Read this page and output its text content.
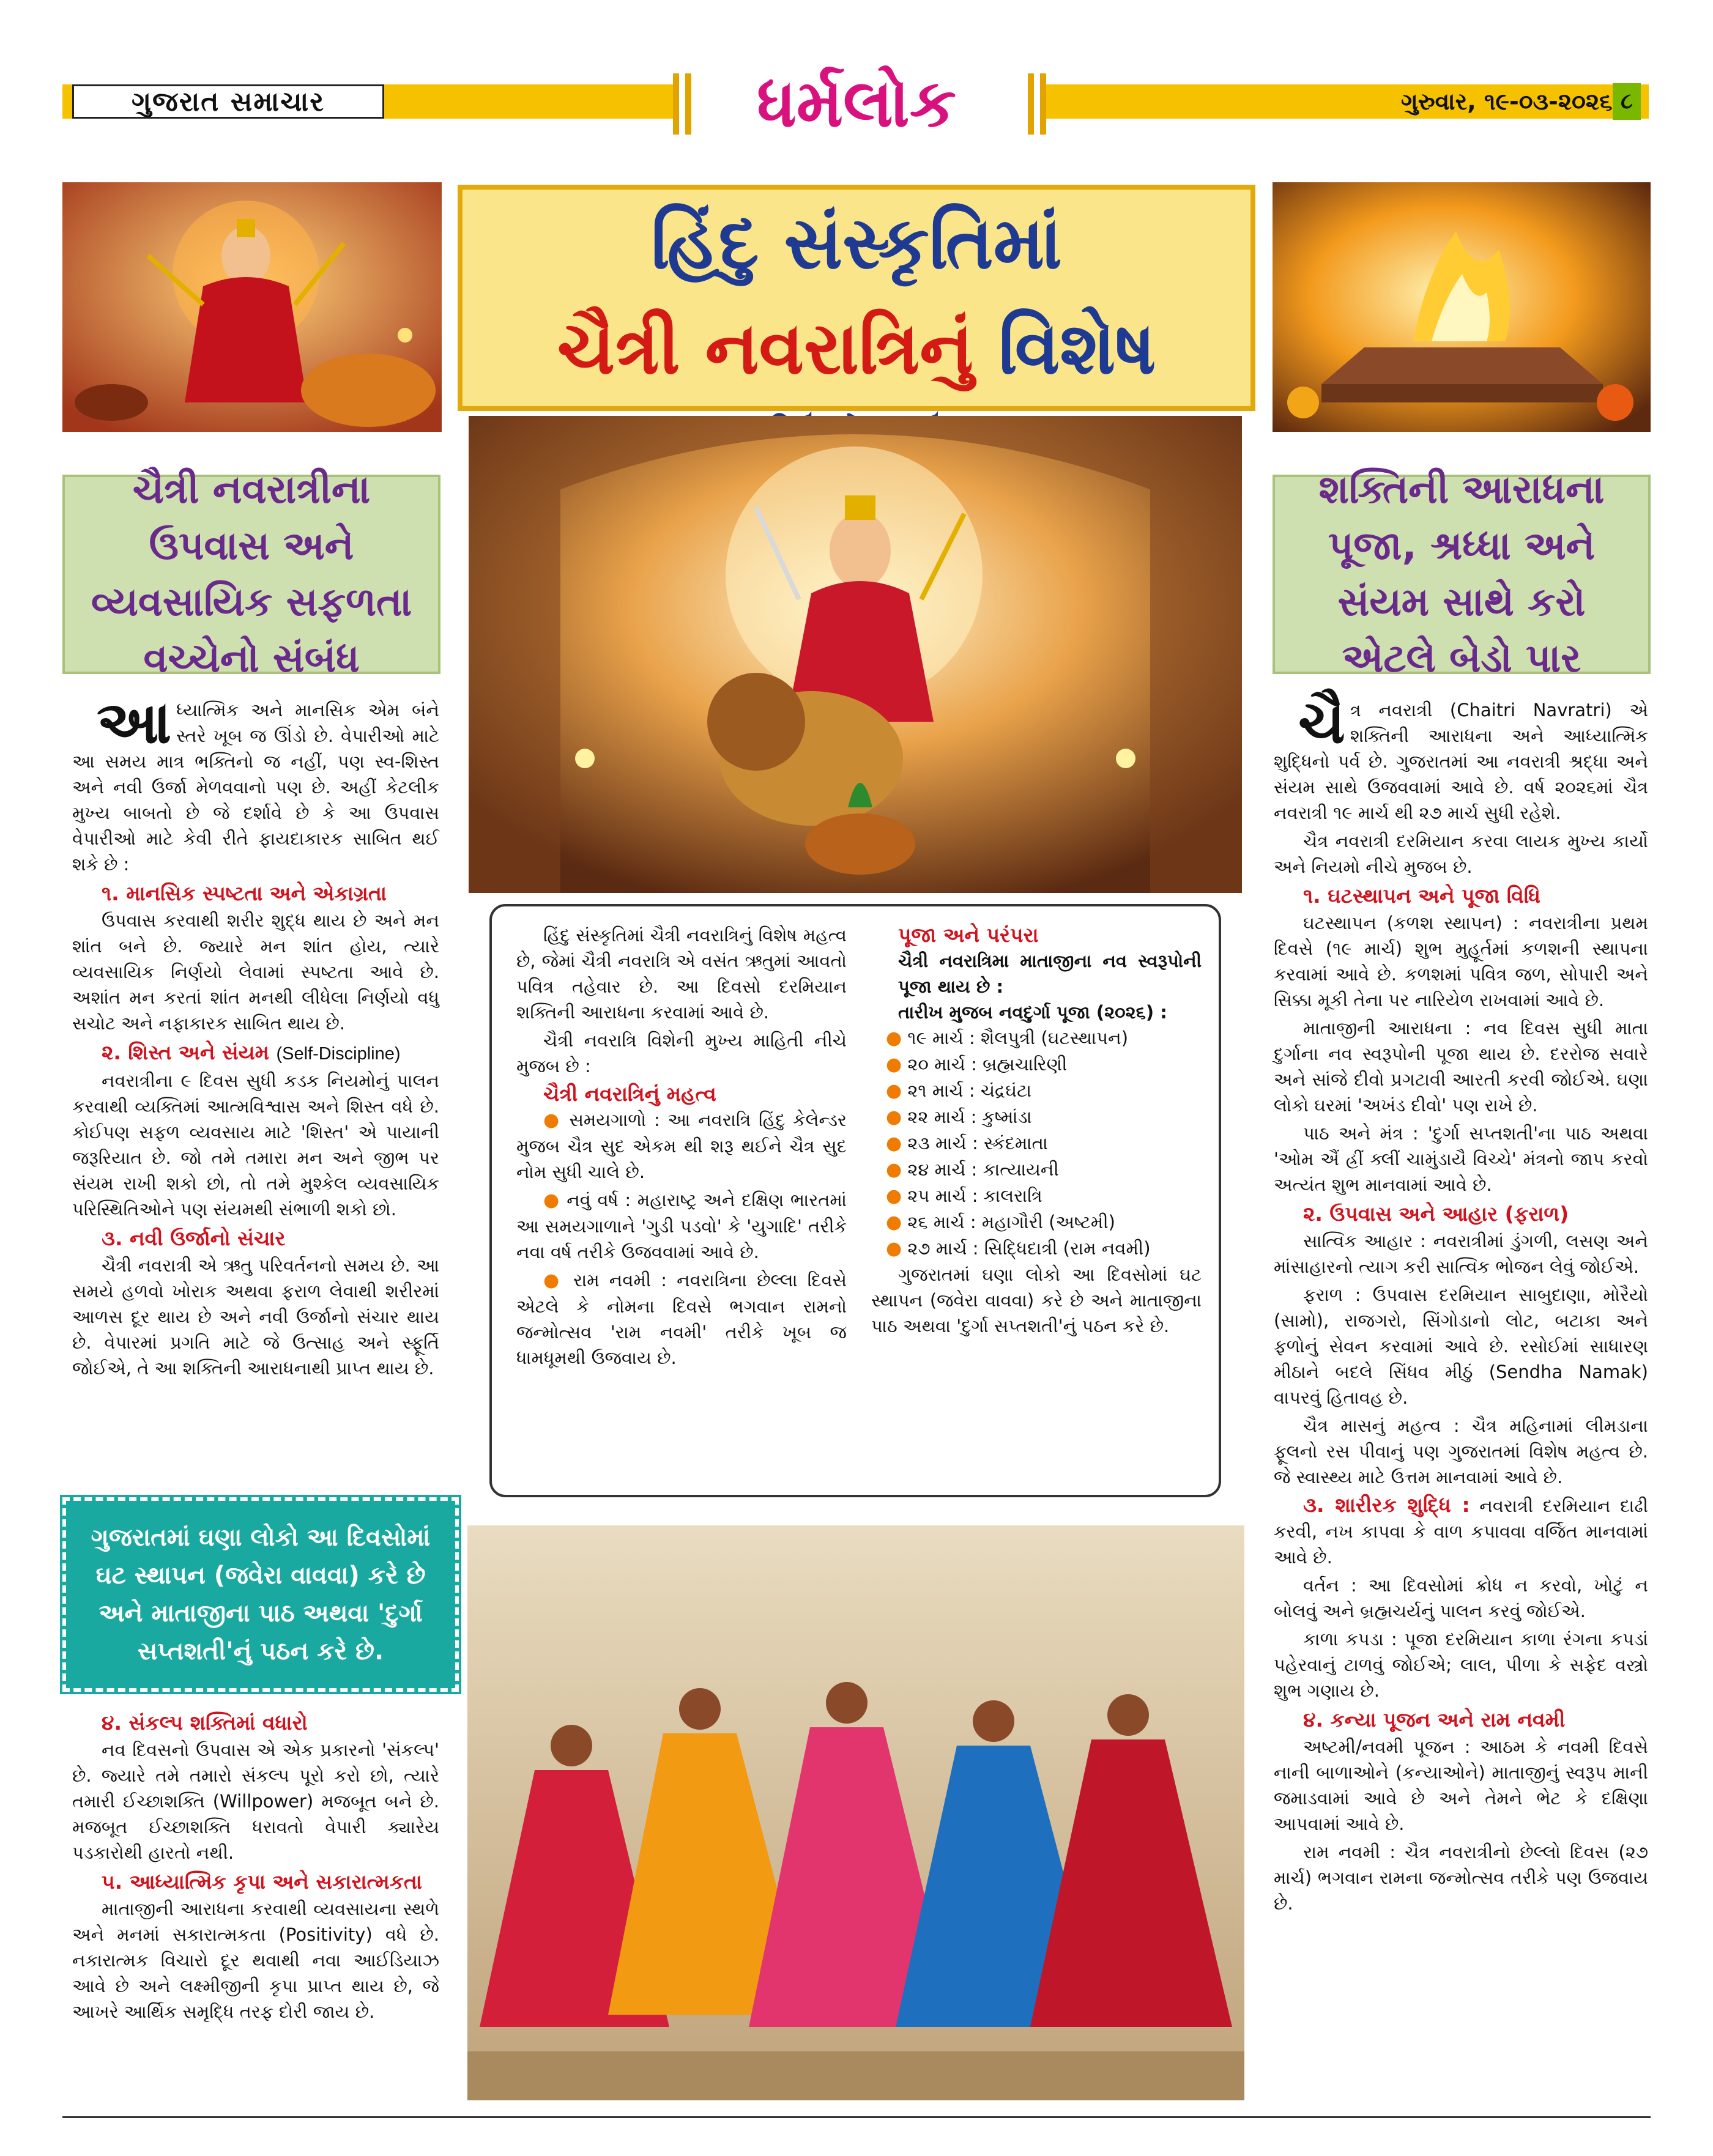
ગુજરાત સમાચાર	ધર્મલોક	ગુરુવાર, ૧૯-૦૩-૨૦૨૬ ૮
હિંદુ સંસ્કૃતિમાં
ચૈત્રી નવરાત્રિનું વિશેષ
ચૈત્રી નવરાત્રીના ઉપવાસ અને વ્યવસાયિક સફળતા વચ્ચેનો સંબંધ
શક્તિની આરાધના પૂજા, શ્રધ્ધા અને સંયમ સાથે કરો એટલે બેડો પાર

આધ્યાત્મિક અને માનસિક એમ બંને સ્તરે ખૂબ જ ઊંડો છે. વેપારીઓ માટે આ સમય માત્ર ભક્તિનો જ નહીં, પણ સ્વ-શિસ્ત અને નવી ઉર્જા મેળવવાનો પણ છે. અહીં કેટલીક મુખ્ય બાબતો છે જે દર્શાવે છે કે આ ઉપવાસ વેપારીઓ માટે કેવી રીતે ફાયદાકારક સાબિત થઈ શકે છે :

૧. માનસિક સ્પષ્ટતા અને એકાગ્રતા

ઉપવાસ કરવાથી શરીર શુદ્ધ થાય છે અને મન શાંત બને છે. જ્યારે મન શાંત હોય, ત્યારે વ્યવસાયિક નિર્ણયો લેવામાં સ્પષ્ટતા આવે છે. અશાંત મન કરતાં શાંત મનથી લીધેલા નિર્ણયો વધુ સચોટ અને નફાકારક સાબિત થાય છે.

૨. શિસ્ત અને સંયમ (Self-Discipline)

નવરાત્રીના ૯ દિવસ સુધી કડક નિયમોનું પાલન કરવાથી વ્યક્તિમાં આત્મવિશ્વાસ અને શિસ્ત વધે છે. કોઈપણ સફળ વ્યવસાય માટે 'શિસ્ત' એ પાયાની જરૂરિયાત છે. જો તમે તમારા મન અને જીભ પર સંયમ રાખી શકો છો, તો તમે મુશ્કેલ વ્યવસાયિક પરિસ્થિતિઓને પણ સંયમથી સંભાળી શકો છો.

૩. નવી ઉર્જાનો સંચાર

ચૈત્રી નવરાત્રી એ ઋતુ પરિવર્તનનો સમય છે. આ સમયે હળવો ખોરાક અથવા ફરાળ લેવાથી શરીરમાં આળસ દૂર થાય છે અને નવી ઉર્જાનો સંચાર થાય છે. વેપારમાં પ્રગતિ માટે જે ઉત્સાહ અને સ્ફૂર્તિ જોઈએ, તે આ શક્તિની આરાધનાથી પ્રાપ્ત થાય છે.

ગુજરાતમાં ઘણા લોકો આ દિવસોમાં ઘટ સ્થાપન (જવેરા વાવવા) કરે છે અને માતાજીના પાઠ અથવા 'દુર્ગા સપ્તશતી'નું પઠન કરે છે.
૪. સંકલ્પ શક્તિમાં વધારો

નવ દિવસનો ઉપવાસ એ એક પ્રકારનો 'સંકલ્પ' છે. જ્યારે તમે તમારો સંકલ્પ પૂરો કરો છો, ત્યારે તમારી ઈચ્છાશક્તિ (Willpower) મજબૂત બને છે. મજબૂત ઈચ્છાશક્તિ ધરાવતો વેપારી ક્યારેય પડકારોથી હારતો નથી.

૫. આધ્યાત્મિક કૃપા અને સકારાત્મકતા

માતાજીની આરાધના કરવાથી વ્યવસાયના સ્થળે અને મનમાં સકારાત્મકતા (Positivity) વધે છે. નકારાત્મક વિચારો દૂર થવાથી નવા આઈડિયાઝ આવે છે અને લક્ષ્મીજીની કૃપા પ્રાપ્ત થાય છે, જે આખરે આર્થિક સમૃદ્ધિ તરફ દોરી જાય છે.

હિંદુ સંસ્કૃતિમાં ચૈત્રી નવરાત્રિનું વિશેષ મહત્વ છે, જેમાં ચૈત્રી નવરાત્રિ એ વસંત ઋતુમાં આવતો પવિત્ર તહેવાર છે. આ દિવસો દરમિયાન શક્તિની આરાધના કરવામાં આવે છે.

ચૈત્રી નવરાત્રિ વિશેની મુખ્ય માહિતી નીચે મુજબ છે :

ચૈત્રી નવરાત્રિનું મહત્વ

● સમયગાળો : આ નવરાત્રિ હિંદુ કેલેન્ડર મુજબ ચૈત્ર સુદ એકમ થી શરૂ થઈને ચૈત્ર સુદ નોમ સુધી ચાલે છે.

● નવું વર્ષ : મહારાષ્ટ્ર અને દક્ષિણ ભારતમાં આ સમયગાળાને 'ગુડી પડવો' કે 'યુગાદિ' તરીકે નવા વર્ષ તરીકે ઉજવવામાં આવે છે.

● રામ નવમી : નવરાત્રિના છેલ્લા દિવસે એટલે કે નોમના દિવસે ભગવાન રામનો જન્મોત્સવ 'રામ નવમી' તરીકે ખૂબ જ ધામધૂમથી ઉજવાય છે.

પૂજા અને પરંપરા
ચૈત્રી નવરાત્રિમા માતાજીના નવ સ્વરૂપોની પૂજા થાય છે :
તારીખ મુજબ નવદુર્ગા પૂજા (૨૦૨૬) :
● ૧૯ માર્ચ : શૈલપુત્રી (ઘટસ્થાપન)
● ૨૦ માર્ચ : બ્રહ્મચારિણી
● ૨૧ માર્ચ : ચંદ્રઘંટા
● ૨૨ માર્ચ : કુષ્માંડા
● ૨૩ માર્ચ : સ્કંદમાતા
● ૨૪ માર્ચ : કાત્યાયની
● ૨૫ માર્ચ : કાલરાત્રિ
● ૨૬ માર્ચ : મહાગૌરી (અષ્ટમી)
● ૨૭ માર્ચ : સિદ્ધિદાત્રી (રામ નવમી)

ગુજરાતમાં ઘણા લોકો આ દિવસોમાં ઘટ સ્થાપન (જવેરા વાવવા) કરે છે અને માતાજીના પાઠ અથવા 'દુર્ગા સપ્તશતી'નું પઠન કરે છે.

ચૈત્ર નવરાત્રી (Chaitri Navratri) એ શક્તિની આરાધના અને આધ્યાત્મિક શુદ્ધિનો પર્વ છે. ગુજરાતમાં આ નવરાત્રી શ્રદ્ધા અને સંયમ સાથે ઉજવવામાં આવે છે. વર્ષ ૨૦૨૬માં ચૈત્ર નવરાત્રી ૧૯ માર્ચ થી ૨૭ માર્ચ સુધી રહેશે.

ચૈત્ર નવરાત્રી દરમિયાન કરવા લાયક મુખ્ય કાર્યો અને નિયમો નીચે મુજબ છે.

૧. ઘટસ્થાપન અને પૂજા વિધિ

ઘટસ્થાપન (કળશ સ્થાપન) : નવરાત્રીના પ્રથમ દિવસે (૧૯ માર્ચ) શુભ મુહૂર્તમાં કળશની સ્થાપના કરવામાં આવે છે. કળશમાં પવિત્ર જળ, સોપારી અને સિક્કા મૂકી તેના પર નારિયેળ રાખવામાં આવે છે.

માતાજીની આરાધના : નવ દિવસ સુધી માતા દુર્ગાના નવ સ્વરૂપોની પૂજા થાય છે. દરરોજ સવારે અને સાંજે દીવો પ્રગટાવી આરતી કરવી જોઈએ. ઘણા લોકો ઘરમાં 'અખંડ દીવો' પણ રાખે છે.

પાઠ અને મંત્ર : 'દુર્ગા સપ્તશતી'ના પાઠ અથવા 'ઓમ ઐં હ્રીં ક્લીં ચામુંડાયૈ વિચ્ચે' મંત્રનો જાપ કરવો અત્યંત શુભ માનવામાં આવે છે.

૨. ઉપવાસ અને આહાર (ફરાળ)

સાત્વિક આહાર : નવરાત્રીમાં ડુંગળી, લસણ અને માંસાહારનો ત્યાગ કરી સાત્વિક ભોજન લેવું જોઈએ.

ફરાળ : ઉપવાસ દરમિયાન સાબુદાણા, મોરૈયો (સામો), રાજગરો, સિંગોડાનો લોટ, બટાકા અને ફળોનું સેવન કરવામાં આવે છે. રસોઈમાં સાધારણ મીઠાને બદલે સિંધવ મીઠું (Sendha Namak) વાપરવું હિતાવહ છે.

ચૈત્ર માસનું મહત્વ : ચૈત્ર મહિનામાં લીમડાના ફૂલનો રસ પીવાનું પણ ગુજરાતમાં વિશેષ મહત્વ છે. જે સ્વાસ્થ્ય માટે ઉત્તમ માનવામાં આવે છે.

૩. શારીરક શુદ્ધિ : નવરાત્રી દરમિયાન દાઢી કરવી, નખ કાપવા કે વાળ કપાવવા વર્જિત માનવામાં આવે છે.

વર્તન : આ દિવસોમાં ક્રોધ ન કરવો, ખોટું ન બોલવું અને બ્રહ્મચર્યનું પાલન કરવું જોઈએ.

કાળા કપડા : પૂજા દરમિયાન કાળા રંગના કપડાં પહેરવાનું ટાળવું જોઈએ; લાલ, પીળા કે સફેદ વસ્ત્રો શુભ ગણાય છે.

૪. કન્યા પૂજન અને રામ નવમી

અષ્ટમી/નવમી પૂજન : આઠમ કે નવમી દિવસે નાની બાળાઓને (કન્યાઓને) માતાજીનું સ્વરૂપ માની જમાડવામાં આવે છે અને તેમને ભેટ કે દક્ષિણા આપવામાં આવે છે.

રામ નવમી : ચૈત્ર નવરાત્રીનો છેલ્લો દિવસ (૨૭ માર્ચ) ભગવાન રામના જન્મોત્સવ તરીકે પણ ઉજવાય છે.
